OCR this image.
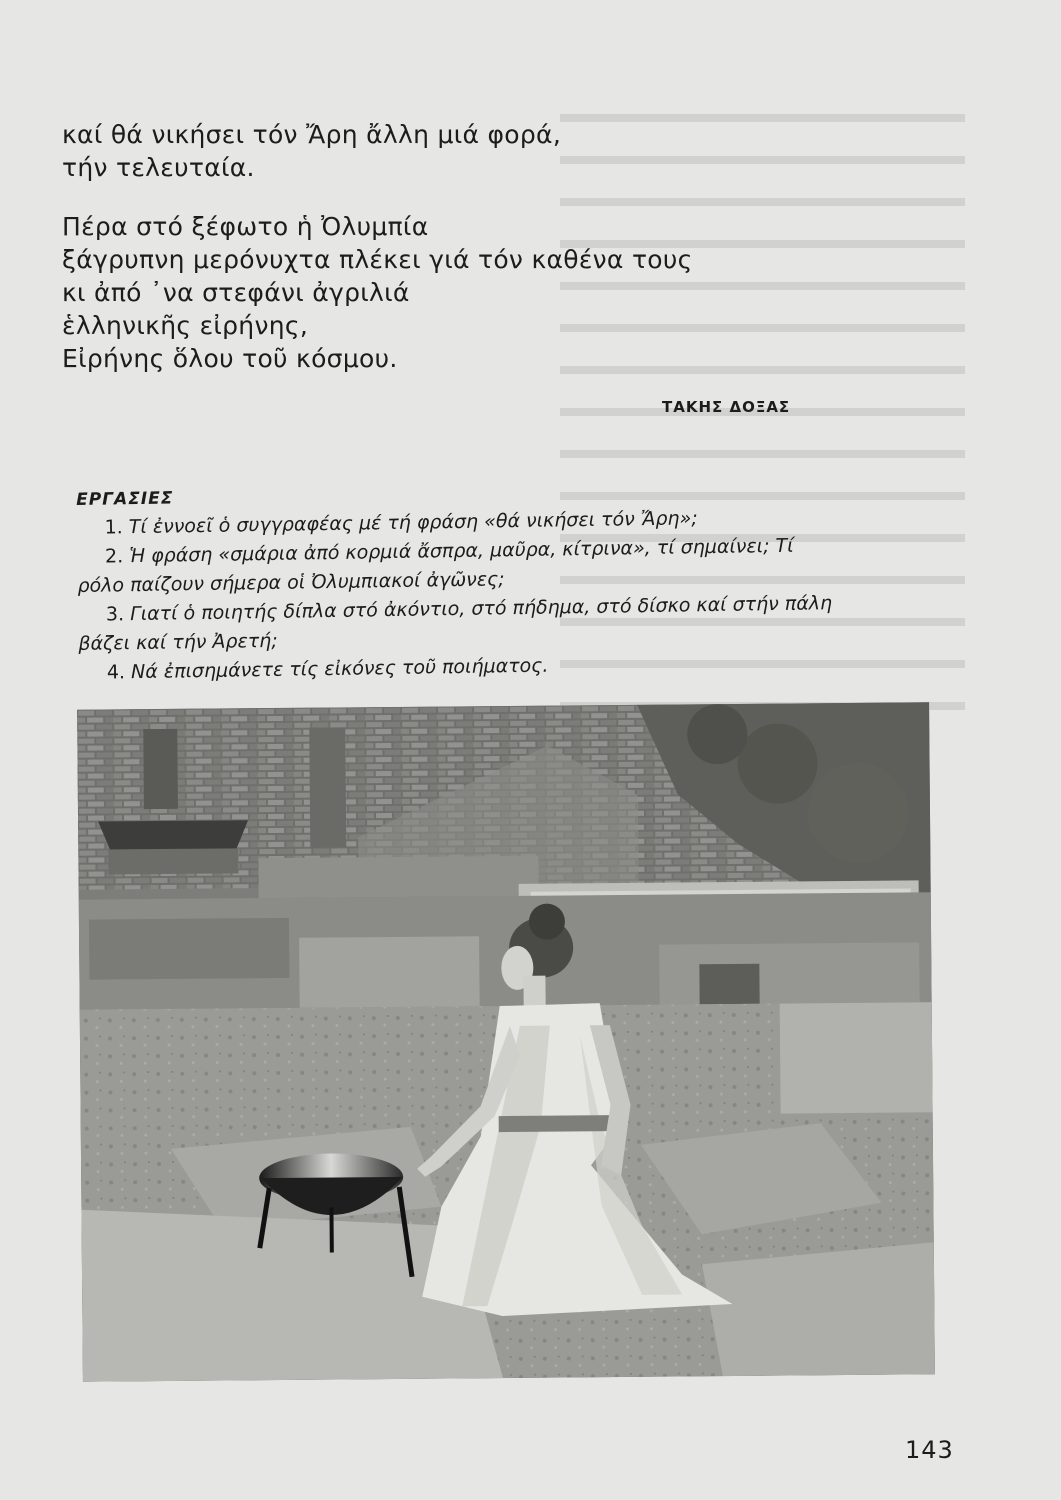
καί θά νικήσει τόν Ἄρη ἄλλη μιά φορά,
τήν τελευταία.
Πέρα στό ξέφωτο ἡ Ὀλυμπία
ξάγρυπνη μερόνυχτα πλέκει γιά τόν καθένα τους
κι ἀπό ᾽να στεφάνι ἀγριλιά
ἑλληνικῆς εἰρήνης,
Εἰρήνης ὅλου τοῦ κόσμου.
ΤΑΚΗΣ ΔΟΞΑΣ
ΕΡΓΑΣΙΕΣ
1. Τί ἐννοεῖ ὁ συγγραφέας μέ τή φράση «θά νικήσει τόν Ἄρη»;
2. Ἡ φράση «σμάρια ἀπό κορμιά ἄσπρα, μαῦρα, κίτρινα», τί σημαίνει; Τί
ρόλο παίζουν σήμερα οἱ Ὀλυμπιακοί ἀγῶνες;
3. Γιατί ὁ ποιητής δίπλα στό ἀκόντιο, στό πήδημα, στό δίσκο καί στήν πάλη
βάζει καί τήν Ἀρετή;
4. Νά ἐπισημάνετε τίς εἰκόνες τοῦ ποιήματος.
143
